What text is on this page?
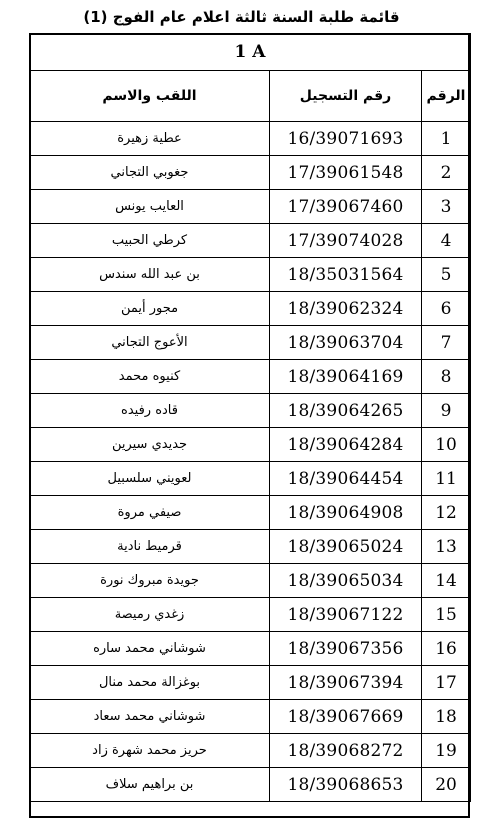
قائمة طلبة السنة ثالثة اعلام عام الفوج (1)
1 A		
اللقب والاسم	رقم التسجيل	الرقم
عطية زهيرة	16/39071693	1
جغوبي التجاني	17/39061548	2
العايب يونس	17/39067460	3
كرطي الحبيب	17/39074028	4
بن عبد الله سندس	18/35031564	5
مجور أيمن	18/39062324	6
الأعوج التجاني	18/39063704	7
كنيوه محمد	18/39064169	8
قاده رفيده	18/39064265	9
جديدي سيرين	18/39064284	10
لعويني سلسبيل	18/39064454	11
صيفي مروة	18/39064908	12
قرميط نادية	18/39065024	13
جويدة مبروك نورة	18/39065034	14
زغدي رميصة	18/39067122	15
شوشاني محمد ساره	18/39067356	16
بوغزالة محمد منال	18/39067394	17
شوشاني محمد سعاد	18/39067669	18
حريز محمد شهرة زاد	18/39068272	19
بن براهيم سلاف	18/39068653	20
